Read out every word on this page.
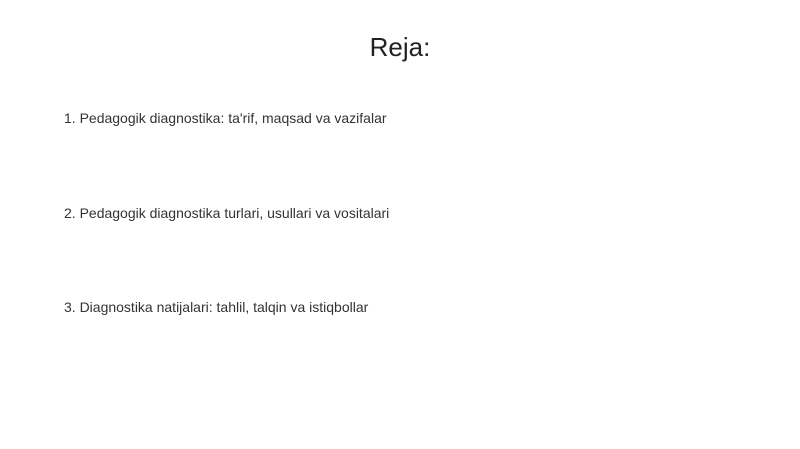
Reja:
1. Pedagogik diagnostika: ta'rif, maqsad va vazifalar
2. Pedagogik diagnostika turlari, usullari va vositalari
3. Diagnostika natijalari: tahlil, talqin va istiqbollar
